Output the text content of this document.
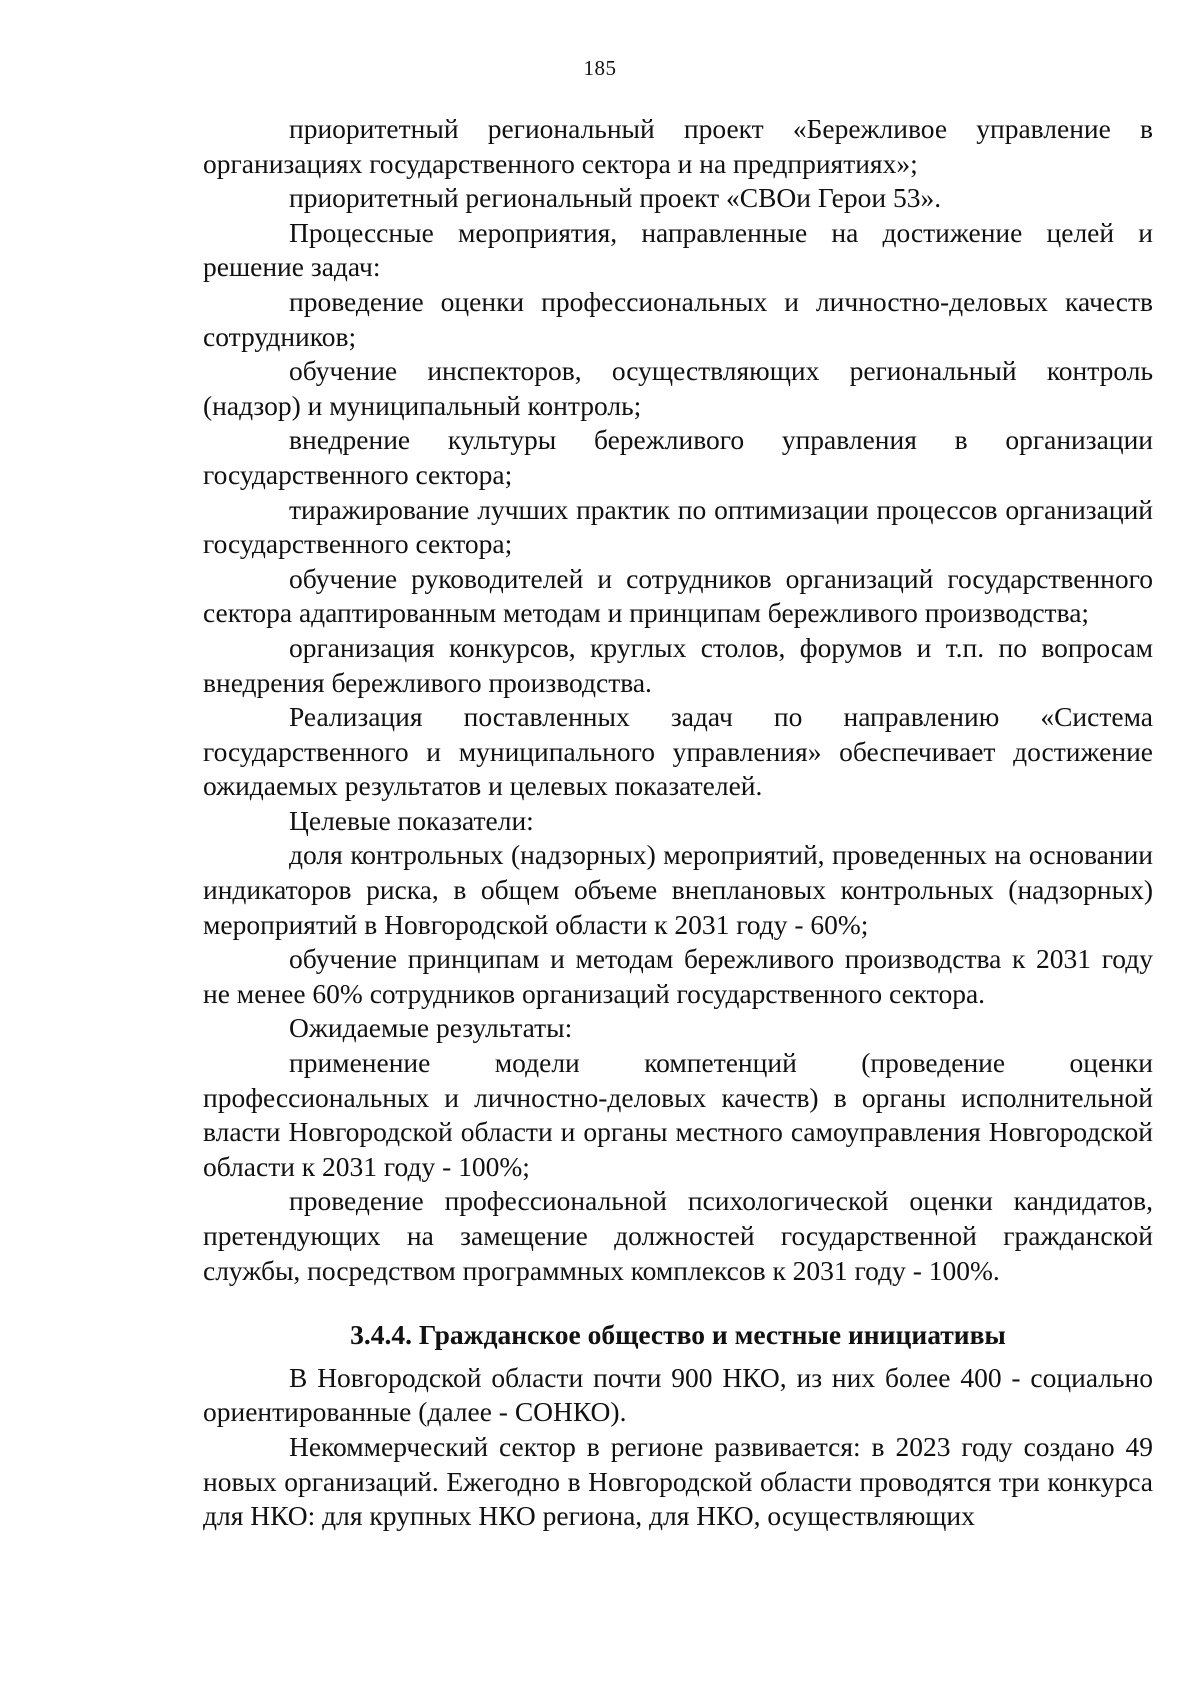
185

приоритетный региональный проект «Бережливое управление в организациях государственного сектора и на предприятиях»;

приоритетный региональный проект «СВОи Герои 53».

Процессные мероприятия, направленные на достижение целей и решение задач:

проведение оценки профессиональных и личностно-деловых качеств сотрудников;

обучение инспекторов, осуществляющих региональный контроль (надзор) и муниципальный контроль;

внедрение культуры бережливого управления в организации государственного сектора;

тиражирование лучших практик по оптимизации процессов организаций государственного сектора;

обучение руководителей и сотрудников организаций государственного сектора адаптированным методам и принципам бережливого производства;

организация конкурсов, круглых столов, форумов и т.п. по вопросам внедрения бережливого производства.

Реализация поставленных задач по направлению «Система государственного и муниципального управления» обеспечивает достижение ожидаемых результатов и целевых показателей.

Целевые показатели:

доля контрольных (надзорных) мероприятий, проведенных на основании индикаторов риска, в общем объеме внеплановых контрольных (надзорных) мероприятий в Новгородской области к 2031 году - 60%;

обучение принципам и методам бережливого производства к 2031 году не менее 60% сотрудников организаций государственного сектора.

Ожидаемые результаты:

применение модели компетенций (проведение оценки профессиональных и личностно-деловых качеств) в органы исполнительной власти Новгородской области и органы местного самоуправления Новгородской области к 2031 году - 100%;

проведение профессиональной психологической оценки кандидатов, претендующих на замещение должностей государственной гражданской службы, посредством программных комплексов к 2031 году - 100%.

3.4.4. Гражданское общество и местные инициативы

В Новгородской области почти 900 НКО, из них более 400 - социально ориентированные (далее - СОНКО).

Некоммерческий сектор в регионе развивается: в 2023 году создано 49 новых организаций. Ежегодно в Новгородской области проводятся три конкурса для НКО: для крупных НКО региона, для НКО, осуществляющих
